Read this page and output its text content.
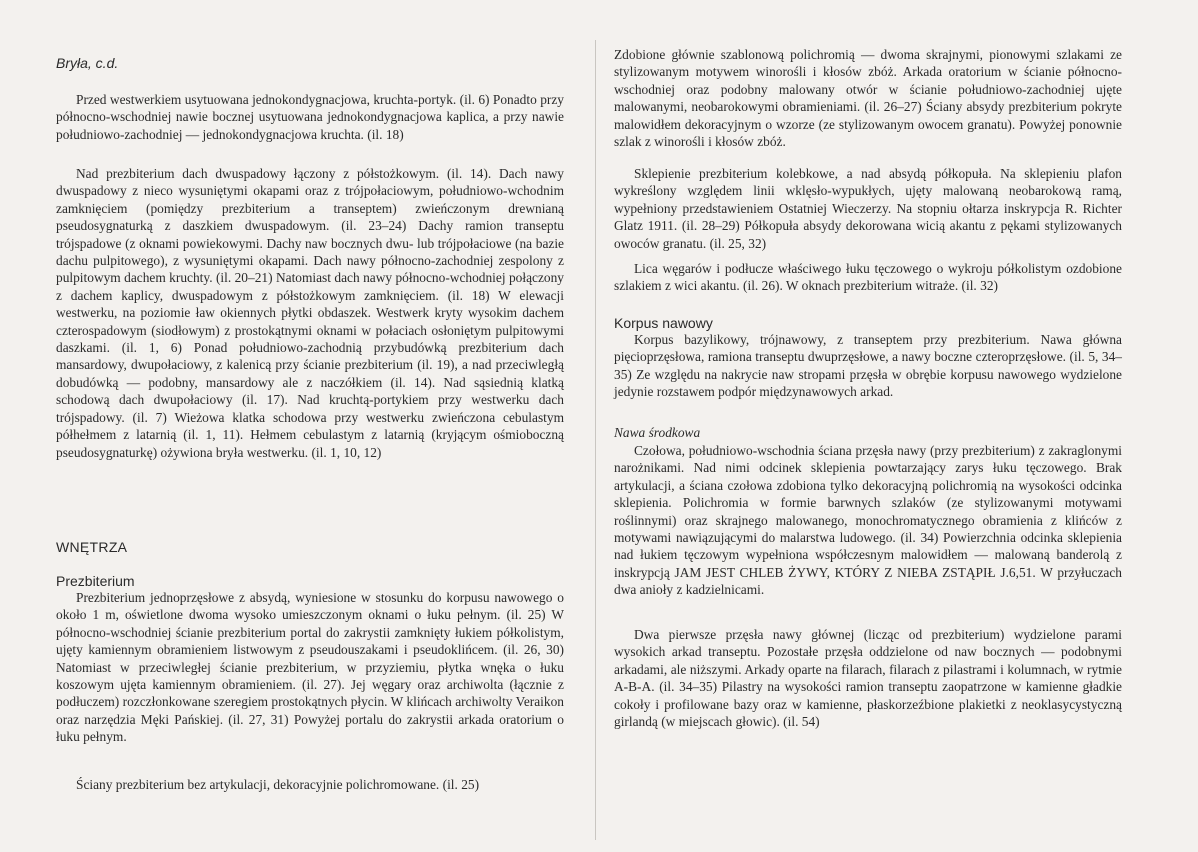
Bryła, c.d.

Przed westwerkiem usytuowana jednokondygnacjowa, kruchta-portyk. (il. 6) Ponadto przy północno-wschodniej nawie bocznej usytuowana jednokondygnacjowa kaplica, a przy nawie południowo-zachodniej — jednokondygnacjowa kruchta. (il. 18)

Nad prezbiterium dach dwuspadowy łączony z półstożkowym. (il. 14). Dach nawy dwuspadowy z nieco wysuniętymi okapami oraz z trójpołaciowym, południowo-wchodnim zamknięciem (pomiędzy prezbiterium a transeptem) zwieńczonym drewnianą pseudosygnaturką z daszkiem dwuspadowym. (il. 23–24) Dachy ramion transeptu trójspadowe (z oknami powiekowymi. Dachy naw bocznych dwu- lub trójpołaciowe (na bazie dachu pulpitowego), z wysuniętymi okapami. Dach nawy północno-zachodniej zespolony z pulpitowym dachem kruchty. (il. 20–21) Natomiast dach nawy północno-wchodniej połączony z dachem kaplicy, dwuspadowym z półstożkowym zamknięciem. (il. 18) W elewacji westwerku, na poziomie ław okiennych płytki obdaszek. Westwerk kryty wysokim dachem czterospadowym (siodłowym) z prostokątnymi oknami w połaciach osłoniętym pulpitowymi daszkami. (il. 1, 6) Ponad południowo-zachodnią przybudówką prezbiterium dach mansardowy, dwupołaciowy, z kalenicą przy ścianie prezbiterium (il. 19), a nad przeciwległą dobudówką — podobny, mansardowy ale z naczółkiem (il. 14). Nad sąsiednią klatką schodową dach dwupołaciowy (il. 17). Nad kruchtą-portykiem przy westwerku dach trójspadowy. (il. 7) Wieżowa klatka schodowa przy westwerku zwieńczona cebulastym półhełmem z latarnią (il. 1, 11). Hełmem cebulastym z latarnią (kryjącym ośmioboczną pseudosygnaturkę) ożywiona bryła westwerku. (il. 1, 10, 12)

WNĘTRZA
Prezbiterium

Prezbiterium jednoprzęsłowe z absydą, wyniesione w stosunku do korpusu nawowego o około 1 m, oświetlone dwoma wysoko umieszczonym oknami o łuku pełnym. (il. 25) W północno-wschodniej ścianie prezbiterium portal do zakrystii zamknięty łukiem półkolistym, ujęty kamiennym obramieniem listwowym z pseudouszakami i pseudoklińcem. (il. 26, 30) Natomiast w przeciwległej ścianie prezbiterium, w przyziemiu, płytka wnęka o łuku koszowym ujęta kamiennym obramieniem. (il. 27). Jej węgary oraz archiwolta (łącznie z podłuczem) rozczłonkowane szeregiem prostokątnych płycin. W klińcach archiwolty Veraikon oraz narzędzia Męki Pańskiej. (il. 27, 31) Powyżej portalu do zakrystii arkada oratorium o łuku pełnym.

Ściany prezbiterium bez artykulacji, dekoracyjnie polichromowane. (il. 25)

Zdobione głównie szablonową polichromią — dwoma skrajnymi, pionowymi szlakami ze stylizowanym motywem winorośli i kłosów zbóż. Arkada oratorium w ścianie północno-wschodniej oraz podobny malowany otwór w ścianie południowo-zachodniej ujęte malowanymi, neobarokowymi obramieniami. (il. 26–27) Ściany absydy prezbiterium pokryte malowidłem dekoracyjnym o wzorze (ze stylizowanym owocem granatu). Powyżej ponownie szlak z winorośli i kłosów zbóż.

Sklepienie prezbiterium kolebkowe, a nad absydą półkopuła. Na sklepieniu plafon wykreślony względem linii wklęsło-wypukłych, ujęty malowaną neobarokową ramą, wypełniony przedstawieniem Ostatniej Wieczerzy. Na stopniu ołtarza inskrypcja R. Richter Glatz 1911. (il. 28–29) Półkopuła absydy dekorowana wicią akantu z pękami stylizowanych owoców granatu. (il. 25, 32)

Lica węgarów i podłucze właściwego łuku tęczowego o wykroju półkolistym ozdobione szlakiem z wici akantu. (il. 26). W oknach prezbiterium witraże. (il. 32)

Korpus nawowy

Korpus bazylikowy, trójnawowy, z transeptem przy prezbiterium. Nawa główna pięcioprzęsłowa, ramiona transeptu dwuprzęsłowe, a nawy boczne czteroprzęsłowe. (il. 5, 34–35) Ze względu na nakrycie naw stropami przęsła w obrębie korpusu nawowego wydzielone jedynie rozstawem podpór międzynawowych arkad.

Nawa środkowa

Czołowa, południowo-wschodnia ściana przęsła nawy (przy prezbiterium) z zakraglonymi narożnikami. Nad nimi odcinek sklepienia powtarzający zarys łuku tęczowego. Brak artykulacji, a ściana czołowa zdobiona tylko dekoracyjną polichromią na wysokości odcinka sklepienia. Polichromia w formie barwnych szlaków (ze stylizowanymi motywami roślinnymi) oraz skrajnego malowanego, monochromatycznego obramienia z klińców z motywami nawiązującymi do malarstwa ludowego. (il. 34) Powierzchnia odcinka sklepienia nad łukiem tęczowym wypełniona współczesnym malowidłem — malowaną banderolą z inskrypcją JAM JEST CHLEB ŻYWY, KTÓRY Z NIEBA ZSTĄPIŁ J.6,51. W przyłuczach dwa anioły z kadzielnicami.

Dwa pierwsze przęsła nawy głównej (licząc od prezbiterium) wydzielone parami wysokich arkad transeptu. Pozostałe przęsła oddzielone od naw bocznych — podobnymi arkadami, ale niższymi. Arkady oparte na filarach, filarach z pilastrami i kolumnach, w rytmie A-B-A. (il. 34–35) Pilastry na wysokości ramion transeptu zaopatrzone w kamienne gładkie cokoły i profilowane bazy oraz w kamienne, płaskorzeźbione plakietki z neoklasycystyczną girlandą (w miejscach głowic). (il. 54)
